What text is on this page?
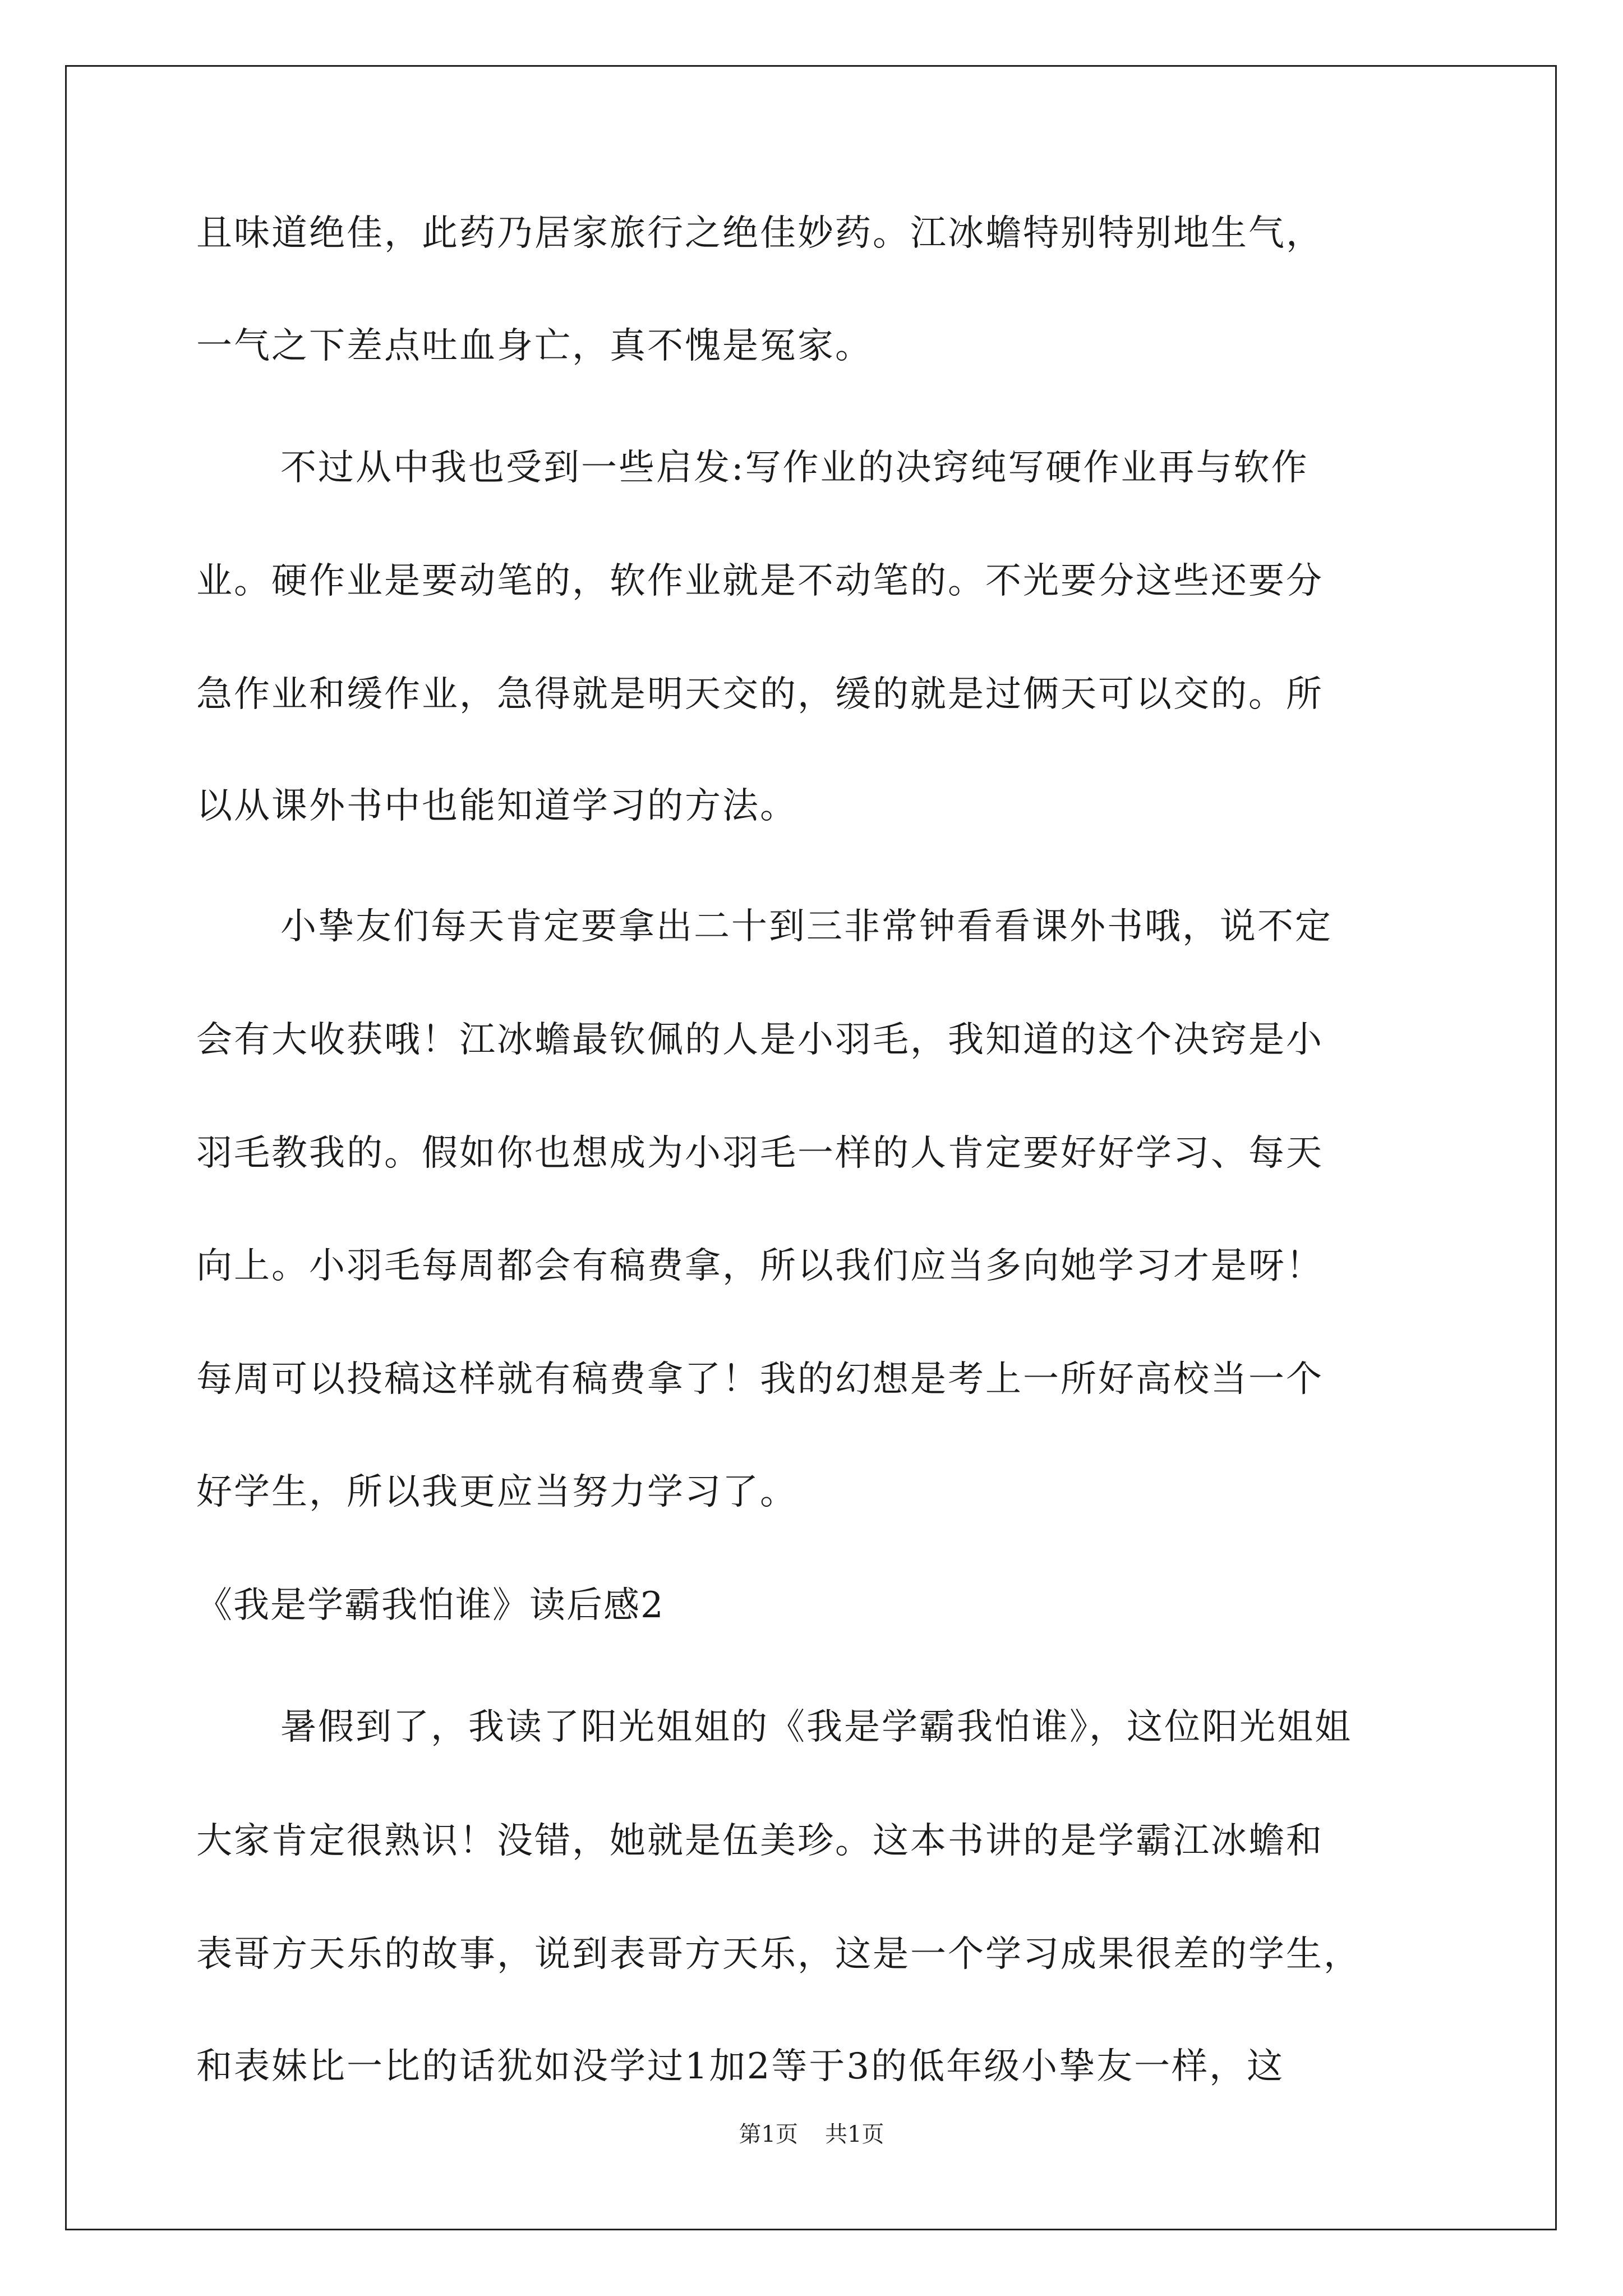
且味道绝佳，此药乃居家旅行之绝佳妙药。江冰蟾特别特别地生气，
一气之下差点吐血身亡，真不愧是冤家。
不过从中我也受到一些启发:写作业的决窍纯写硬作业再与软作
业。硬作业是要动笔的，软作业就是不动笔的。不光要分这些还要分
急作业和缓作业，急得就是明天交的，缓的就是过俩天可以交的。所
以从课外书中也能知道学习的方法。
小挚友们每天肯定要拿出二十到三非常钟看看课外书哦，说不定
会有大收获哦！江冰蟾最钦佩的人是小羽毛，我知道的这个决窍是小
羽毛教我的。假如你也想成为小羽毛一样的人肯定要好好学习、每天
向上。小羽毛每周都会有稿费拿，所以我们应当多向她学习才是呀！
每周可以投稿这样就有稿费拿了！我的幻想是考上一所好高校当一个
好学生，所以我更应当努力学习了。
《我是学霸我怕谁》读后感2
暑假到了，我读了阳光姐姐的《我是学霸我怕谁》，这位阳光姐姐
大家肯定很熟识！没错，她就是伍美珍。这本书讲的是学霸江冰蟾和
表哥方天乐的故事，说到表哥方天乐，这是一个学习成果很差的学生，
和表妹比一比的话犹如没学过1加2等于3的低年级小挚友一样，这
第1页 共1页
